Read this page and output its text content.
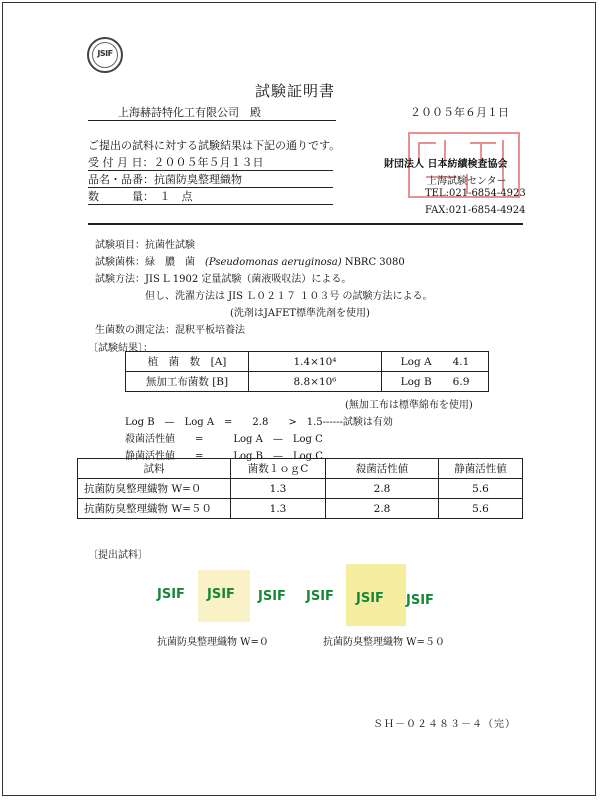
JSIF
試験証明書
上海赫詩特化工有限公司　殿	２００５年６月１日
ご提出の試料に対する試験結果は下記の通りです。
受 付 月 日：２００５年５月１３日
品名・品番：抗菌防臭整理織物
数　　　量：　１　点
財団法人 日本紡績検査協会
上海試験センター
TEL:021-6854-4923
FAX:021-6854-4924
試験項目：抗菌性試験
試験菌株：緑　膿　菌　(Pseudomonas aeruginosa) NBRC 3080
試験方法：JIS L 1902 定量試験（菌液吸収法）による。
但し、洗濯方法は JIS Ｌ０２１７ １０３号 の試験方法による。
(洗剤はJAFET標準洗剤を使用)
生菌数の測定法：混釈平板培養法
〔試験結果〕：
植　菌　数　[A]	1.4×10⁴	Log A　　4.1
無加工布菌数 [B]	8.8×10⁶	Log B　　6.9
(無加工布は標準綿布を使用)
Log B　—　Log A　=　　2.8　　>　1.5------試験は有効
殺菌活性値　　=　　　Log A　—　Log C
静菌活性値　　=　　　Log B　—　Log C
試料	菌数１ｏｇC	殺菌活性値	静菌活性値
抗菌防臭整理織物 W=０	1.3	2.8	5.6
抗菌防臭整理織物 W=５０	1.3	2.8	5.6
〔提出試料〕
JSIF JSIF JSIF JSIF JSIF JSIF
抗菌防臭整理織物 W=０	抗菌防臭整理織物 W=５０
ＳＨ－０２４８３－４（完）
